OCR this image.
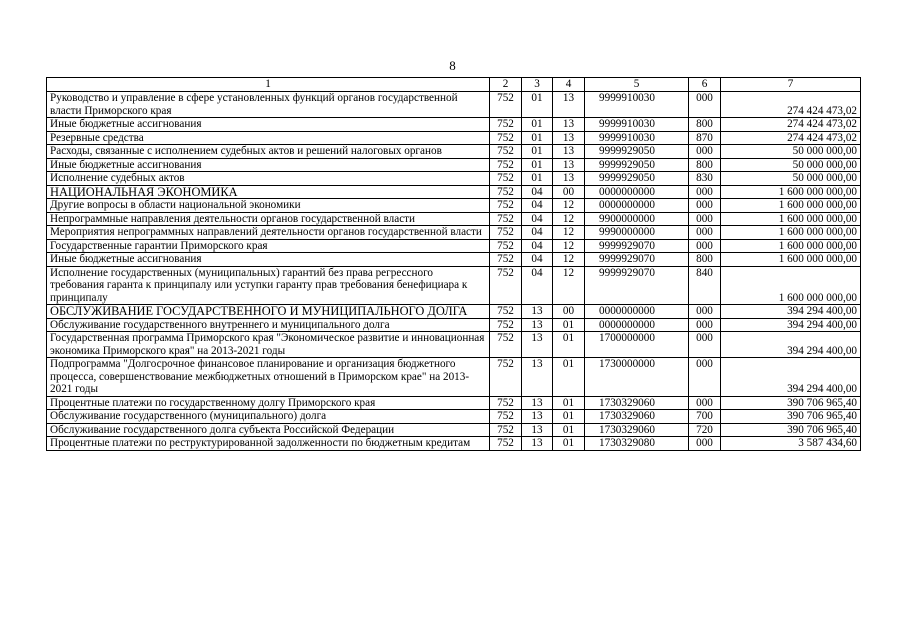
8
1	2	3	4	5	6	7
Руководство и управление в сфере установленных функций органов государственной власти Приморского края	752	01	13	9999910030	000	274 424 473,02
Иные бюджетные ассигнования	752	01	13	9999910030	800	274 424 473,02
Резервные средства	752	01	13	9999910030	870	274 424 473,02
Расходы, связанные с исполнением судебных актов и решений налоговых органов	752	01	13	9999929050	000	50 000 000,00
Иные бюджетные ассигнования	752	01	13	9999929050	800	50 000 000,00
Исполнение судебных актов	752	01	13	9999929050	830	50 000 000,00
НАЦИОНАЛЬНАЯ ЭКОНОМИКА	752	04	00	0000000000	000	1 600 000 000,00
Другие вопросы в области национальной экономики	752	04	12	0000000000	000	1 600 000 000,00
Непрограммные направления деятельности органов государственной власти	752	04	12	9900000000	000	1 600 000 000,00
Мероприятия непрограммных направлений деятельности органов государственной власти	752	04	12	9990000000	000	1 600 000 000,00
Государственные гарантии Приморского края	752	04	12	9999929070	000	1 600 000 000,00
Иные бюджетные ассигнования	752	04	12	9999929070	800	1 600 000 000,00
Исполнение государственных (муниципальных) гарантий без права регрессного требования гаранта к принципалу или уступки гаранту прав требования бенефициара к принципалу	752	04	12	9999929070	840	1 600 000 000,00
ОБСЛУЖИВАНИЕ ГОСУДАРСТВЕННОГО И МУНИЦИПАЛЬНОГО ДОЛГА	752	13	00	0000000000	000	394 294 400,00
Обслуживание государственного внутреннего и муниципального долга	752	13	01	0000000000	000	394 294 400,00
Государственная программа Приморского края "Экономическое развитие и инновационная экономика Приморского края" на 2013-2021 годы	752	13	01	1700000000	000	394 294 400,00
Подпрограмма "Долгосрочное финансовое планирование и организация бюджетного процесса, совершенствование межбюджетных отношений в Приморском крае" на 2013-2021 годы	752	13	01	1730000000	000	394 294 400,00
Процентные платежи по государственному долгу Приморского края	752	13	01	1730329060	000	390 706 965,40
Обслуживание государственного (муниципального) долга	752	13	01	1730329060	700	390 706 965,40
Обслуживание государственного долга субъекта Российской Федерации	752	13	01	1730329060	720	390 706 965,40
Процентные платежи по реструктурированной задолженности по бюджетным кредитам	752	13	01	1730329080	000	3 587 434,60
